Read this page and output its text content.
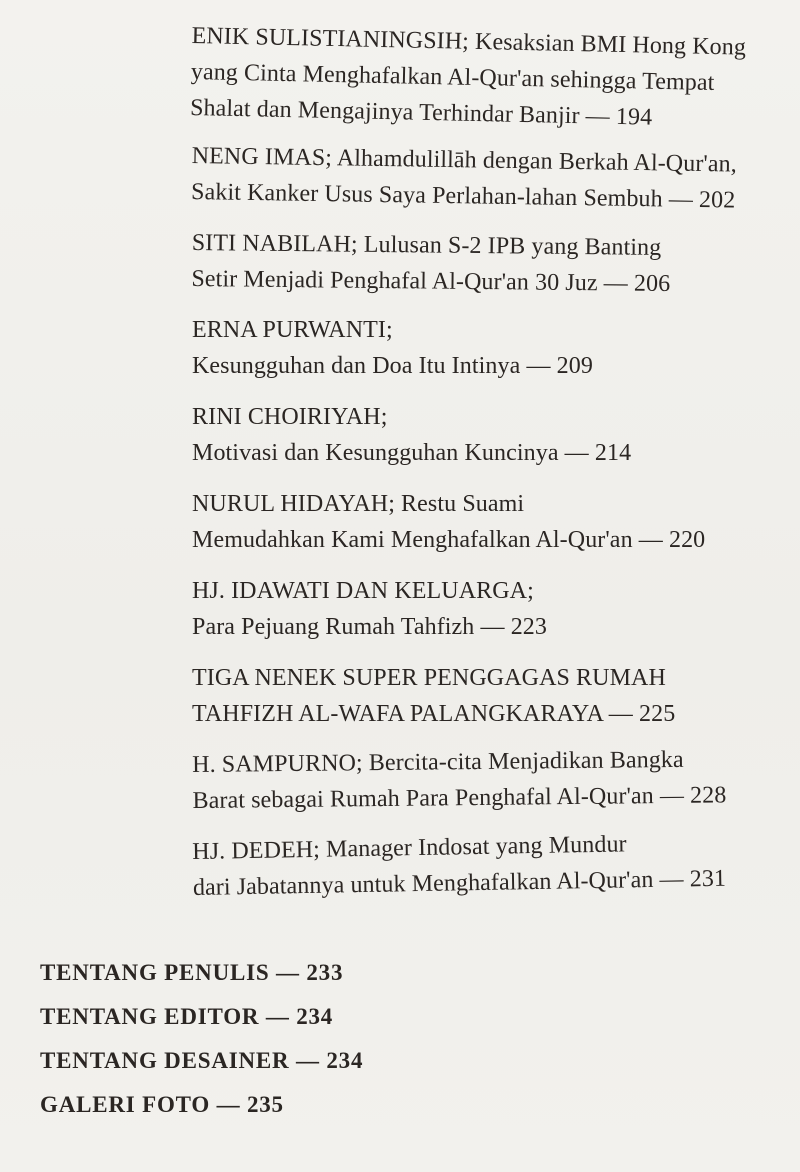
ENIK SULISTIANINGSIH; Kesaksian BMI Hong Kong
yang Cinta Menghafalkan Al-Qur'an sehingga Tempat
Shalat dan Mengajinya Terhindar Banjir — 194
NENG IMAS; Alhamdulillāh dengan Berkah Al-Qur'an,
Sakit Kanker Usus Saya Perlahan-lahan Sembuh — 202
SITI NABILAH; Lulusan S-2 IPB yang Banting
Setir Menjadi Penghafal Al-Qur'an 30 Juz — 206
ERNA PURWANTI;
Kesungguhan dan Doa Itu Intinya — 209
RINI CHOIRIYAH;
Motivasi dan Kesungguhan Kuncinya — 214
NURUL HIDAYAH; Restu Suami
Memudahkan Kami Menghafalkan Al-Qur'an — 220
HJ. IDAWATI DAN KELUARGA;
Para Pejuang Rumah Tahfizh — 223
TIGA NENEK SUPER PENGGAGAS RUMAH
TAHFIZH AL-WAFA PALANGKARAYA — 225
H. SAMPURNO; Bercita-cita Menjadikan Bangka
Barat sebagai Rumah Para Penghafal Al-Qur'an — 228
HJ. DEDEH; Manager Indosat yang Mundur
dari Jabatannya untuk Menghafalkan Al-Qur'an — 231
TENTANG PENULIS — 233
TENTANG EDITOR — 234
TENTANG DESAINER — 234
GALERI FOTO — 235
